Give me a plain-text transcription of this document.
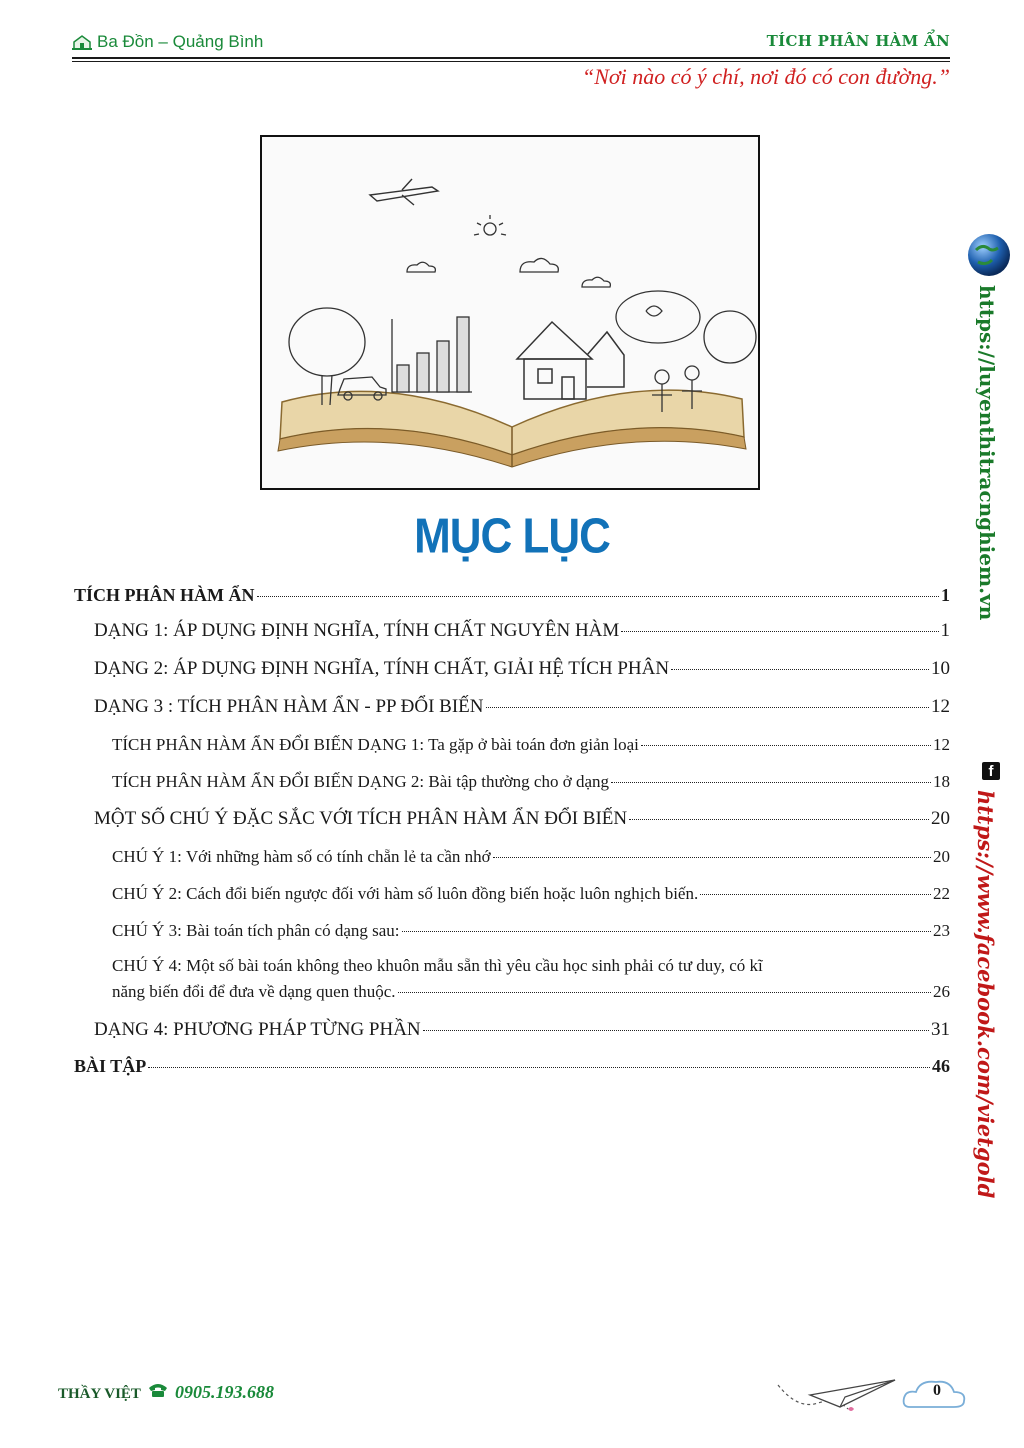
Ba Đồn – Quảng Bình	TÍCH PHÂN HÀM ẨN
“Nơi nào có ý chí, nơi đó có con đường.”
MỤC LỤC
TÍCH PHÂN HÀM ẨN	1
DẠNG 1: ÁP DỤNG ĐỊNH NGHĨA, TÍNH CHẤT NGUYÊN HÀM	1
DẠNG 2: ÁP DỤNG ĐỊNH NGHĨA, TÍNH CHẤT, GIẢI HỆ TÍCH PHÂN	10
DẠNG 3 : TÍCH PHÂN HÀM ẨN - PP ĐỔI BIẾN	12
TÍCH PHÂN HÀM ẨN ĐỔI BIẾN DẠNG 1: Ta gặp ở bài toán đơn giản loại	12
TÍCH PHÂN HÀM ẨN ĐỔI BIẾN DẠNG 2: Bài tập thường cho ở dạng	18
MỘT SỐ CHÚ Ý ĐẶC SẮC VỚI TÍCH PHÂN HÀM ẨN ĐỔI BIẾN	20
CHÚ Ý 1: Với những hàm số có tính chẵn lẻ ta cần nhớ	20
CHÚ Ý 2: Cách đổi biến ngược đối với hàm số luôn đồng biến hoặc luôn nghịch biến.	22
CHÚ Ý 3: Bài toán tích phân có dạng sau:	23
CHÚ Ý 4: Một số bài toán không theo khuôn mẫu sẵn thì yêu cầu học sinh phải có tư duy, có kĩ
năng biến đổi để đưa về dạng quen thuộc.	26
DẠNG 4: PHƯƠNG PHÁP TỪNG PHẦN	31
BÀI TẬP	46
https://luyenthitracnghiem.vn
f
https://www.facebook.com/vietgold
THẦY VIỆT 0905.193.688	0
